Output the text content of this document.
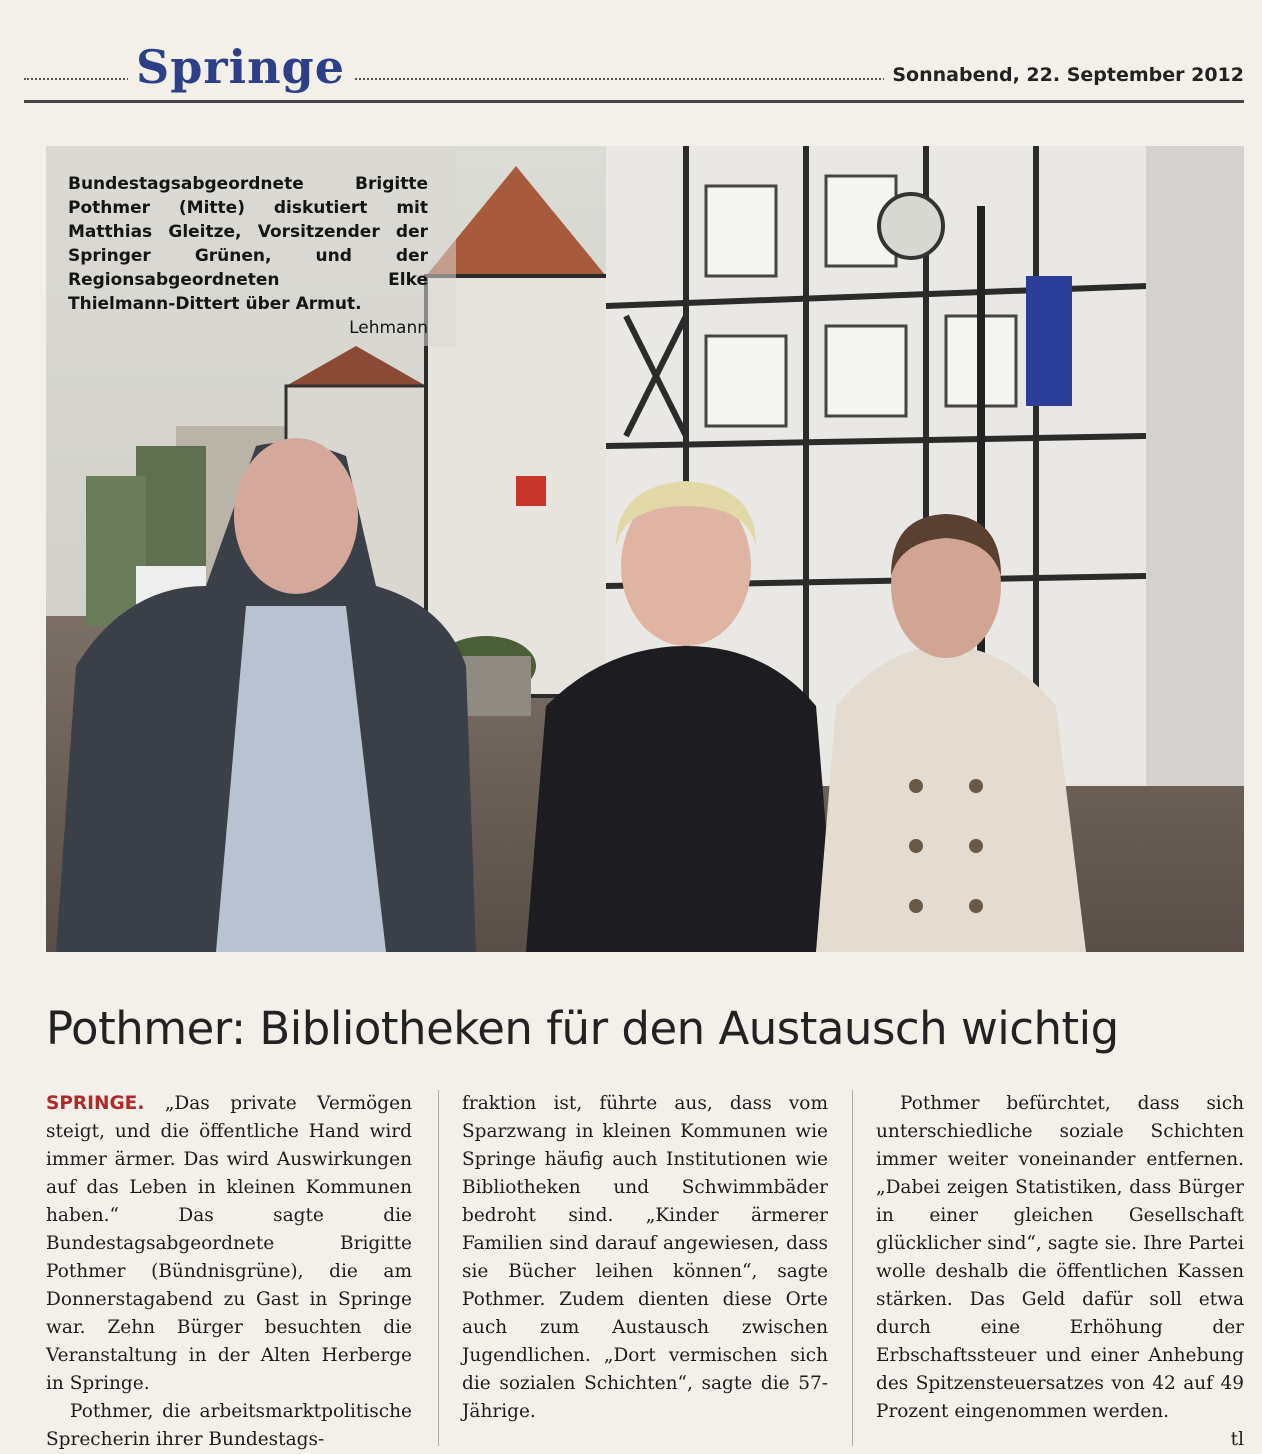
Springe	Sonnabend, 22. September 2012
Bundestagsabgeordnete Brigitte Pothmer (Mitte) diskutiert mit Matthias Gleitze, Vorsitzender der Springer Grünen, und der Regionsabgeordneten Elke Thielmann-Dittert über Armut.
Lehmann
Pothmer: Bibliotheken für den Austausch wichtig

SPRINGE. „Das private Vermögen steigt, und die öffentliche Hand wird immer ärmer. Das wird Auswirkungen auf das Leben in kleinen Kommunen haben.“ Das sagte die Bundestagsabgeordnete Brigitte Pothmer (Bündnisgrüne), die am Donnerstagabend zu Gast in Springe war. Zehn Bürger besuchten die Veranstaltung in der Alten Herberge in Springe.

Pothmer, die arbeitsmarktpolitische Sprecherin ihrer Bundestags-

fraktion ist, führte aus, dass vom Sparzwang in kleinen Kommunen wie Springe häufig auch Institutionen wie Bibliotheken und Schwimmbäder bedroht sind. „Kinder ärmerer Familien sind darauf angewiesen, dass sie Bücher leihen können“, sagte Pothmer. Zudem dienten diese Orte auch zum Austausch zwischen Jugendlichen. „Dort vermischen sich die sozialen Schichten“, sagte die 57-Jährige.

Pothmer befürchtet, dass sich unterschiedliche soziale Schichten immer weiter voneinander entfernen. „Dabei zeigen Statistiken, dass Bürger in einer gleichen Gesellschaft glücklicher sind“, sagte sie. Ihre Partei wolle deshalb die öffentlichen Kassen stärken. Das Geld dafür soll etwa durch eine Erhöhung der Erbschaftssteuer und einer Anhebung des Spitzensteuersatzes von 42 auf 49 Prozent eingenommen werden.

tl
